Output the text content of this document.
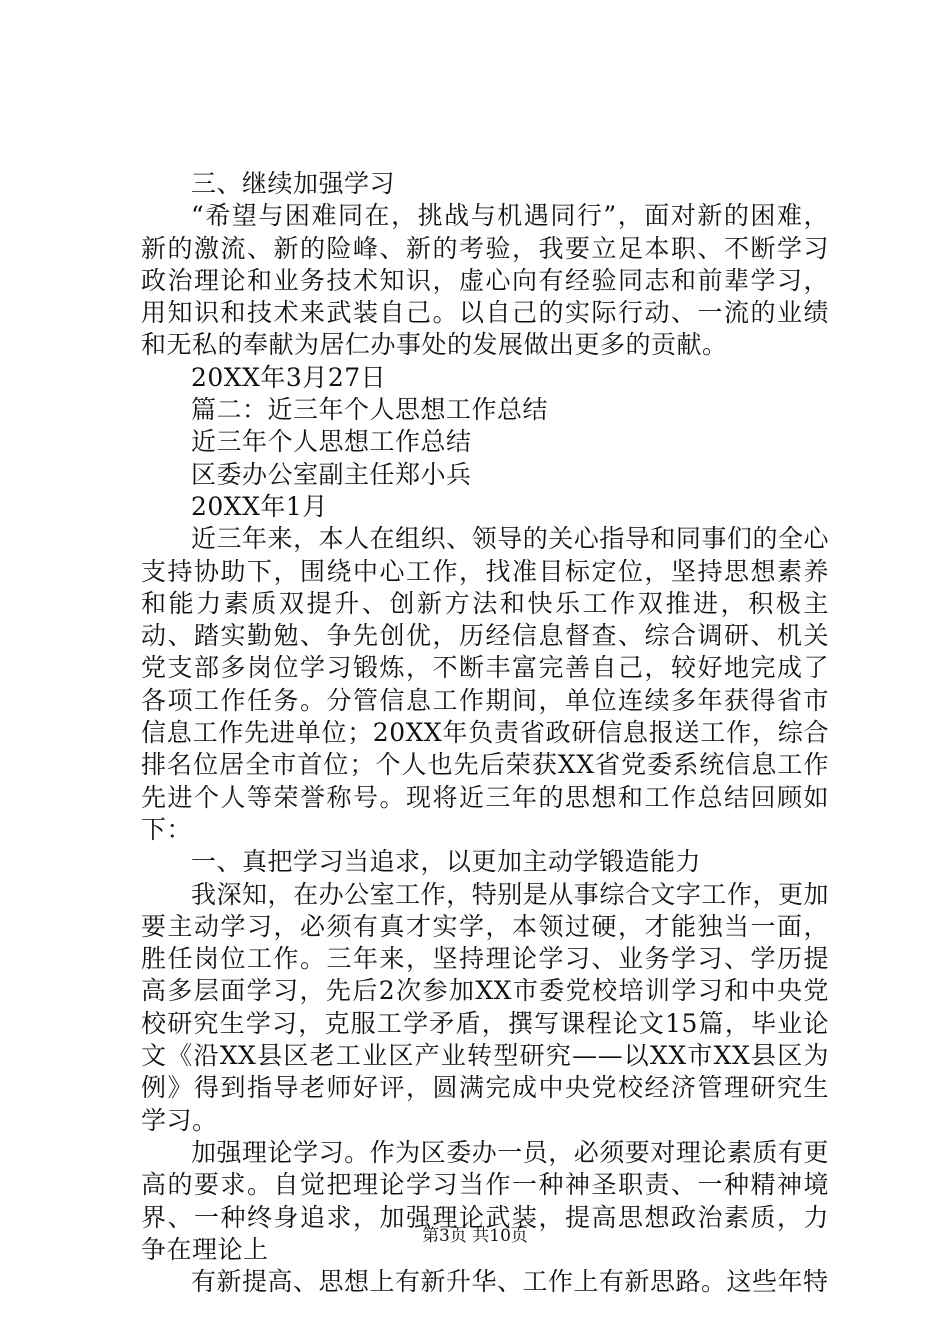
三、继续加强学习

“希望与困难同在，挑战与机遇同行”，面对新的困难，新的激流、新的险峰、新的考验，我要立足本职、不断学习政治理论和业务技术知识，虚心向有经验同志和前辈学习，用知识和技术来武装自己。以自己的实际行动、一流的业绩和无私的奉献为居仁办事处的发展做出更多的贡献。

20XX年3月27日

篇二：近三年个人思想工作总结

近三年个人思想工作总结

区委办公室副主任郑小兵

20XX年1月

近三年来，本人在组织、领导的关心指导和同事们的全心支持协助下，围绕中心工作，找准目标定位，坚持思想素养和能力素质双提升、创新方法和快乐工作双推进，积极主动、踏实勤勉、争先创优，历经信息督查、综合调研、机关党支部多岗位学习锻炼，不断丰富完善自己，较好地完成了各项工作任务。分管信息工作期间，单位连续多年获得省市信息工作先进单位；20XX年负责省政研信息报送工作，综合排名位居全市首位；个人也先后荣获XX省党委系统信息工作先进个人等荣誉称号。现将近三年的思想和工作总结回顾如下：

一、真把学习当追求，以更加主动学锻造能力

我深知，在办公室工作，特别是从事综合文字工作，更加要主动学习，必须有真才实学，本领过硬，才能独当一面，胜任岗位工作。三年来，坚持理论学习、业务学习、学历提高多层面学习，先后2次参加XX市委党校培训学习和中央党校研究生学习，克服工学矛盾，撰写课程论文15篇，毕业论文《沿XX县区老工业区产业转型研究——以XX市XX县区为例》得到指导老师好评，圆满完成中央党校经济管理研究生学习。

加强理论学习。作为区委办一员，必须要对理论素质有更高的要求。自觉把理论学习当作一种神圣职责、一种精神境界、一种终身追求，加强理论武装，提高思想政治素质，力争在理论上

有新提高、思想上有新升华、工作上有新思路。这些年特

第3页 共10页
